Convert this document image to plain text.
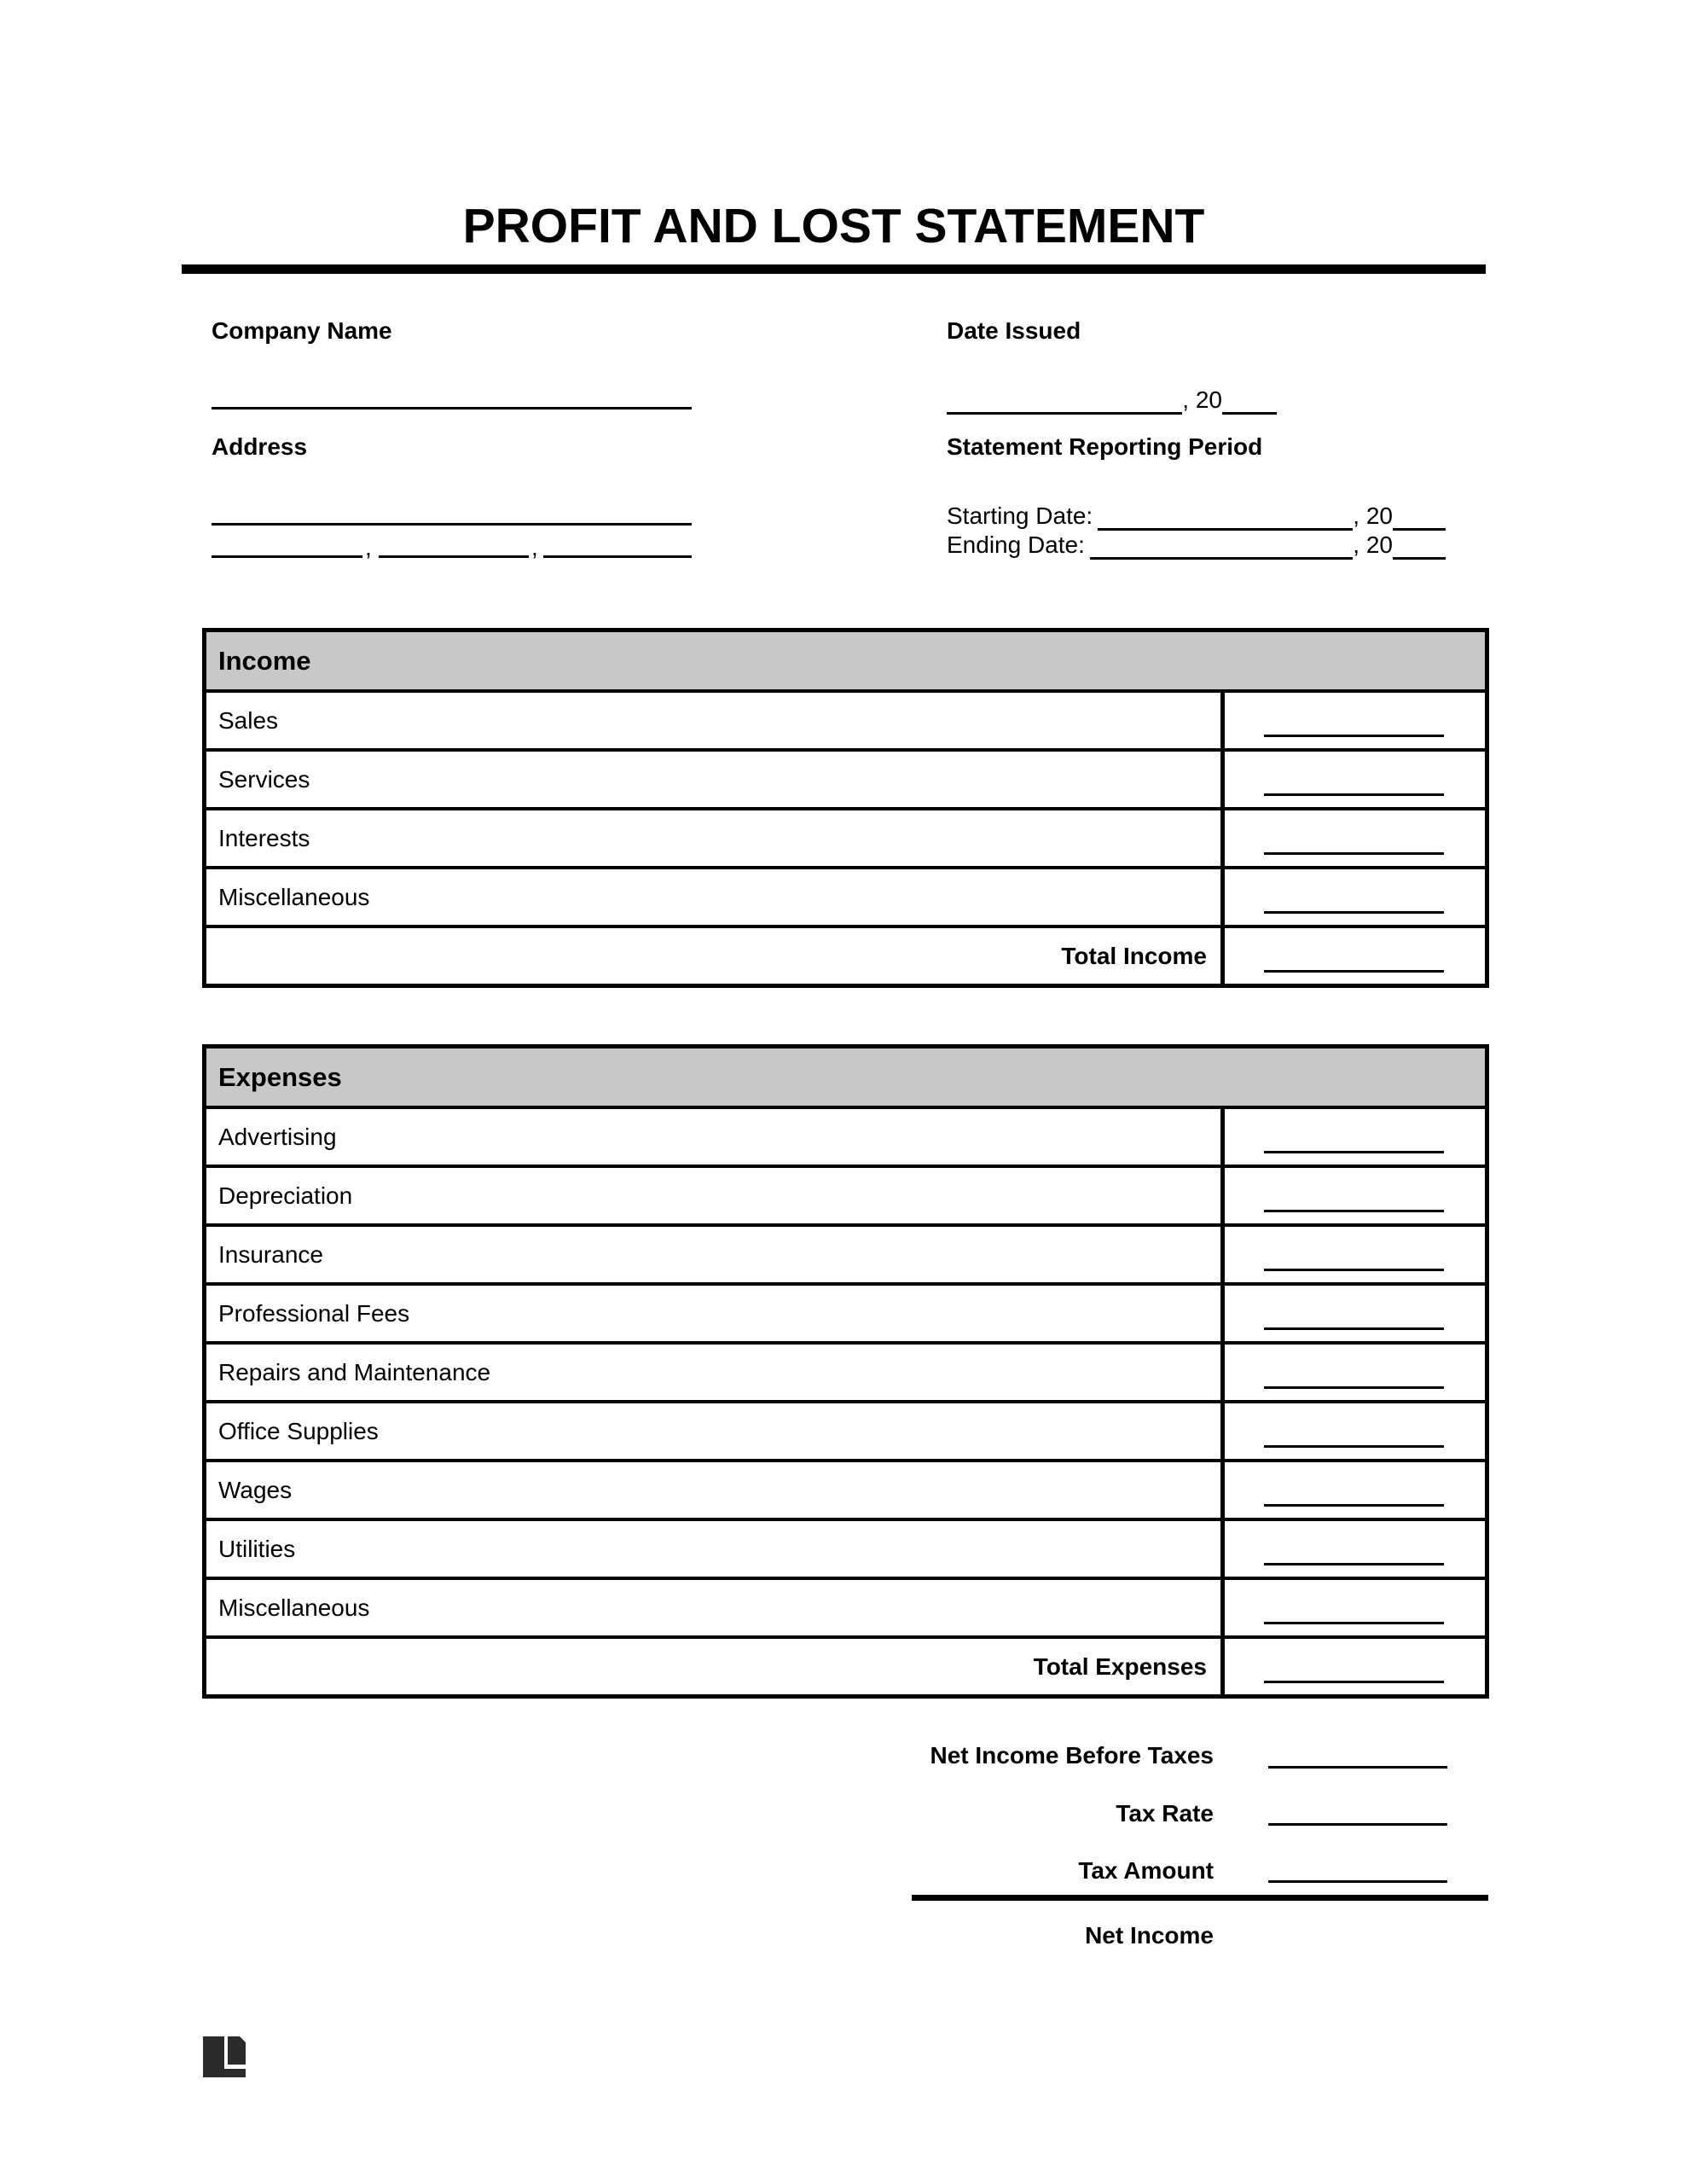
PROFIT AND LOST STATEMENT
Company Name
Address
,	,
Date Issued
, 20
Statement Reporting Period
Starting Date:	, 20
Ending Date:	, 20
Income
Sales
Services
Interests
Miscellaneous
Total Income
Expenses
Advertising
Depreciation
Insurance
Professional Fees
Repairs and Maintenance
Office Supplies
Wages
Utilities
Miscellaneous
Total Expenses
Net Income Before Taxes
Tax Rate
Tax Amount
Net Income
